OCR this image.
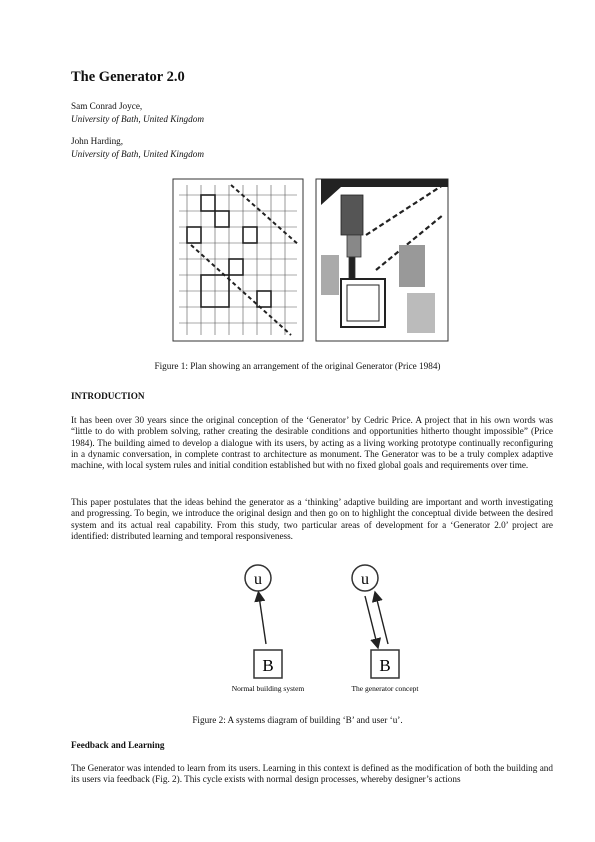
The Generator 2.0
Sam Conrad Joyce,
University of Bath, United Kingdom
John Harding,
University of Bath, United Kingdom
Figure 1: Plan showing an arrangement of the original Generator (Price 1984)
INTRODUCTION
It has been over 30 years since the original conception of the ‘Generator’ by Cedric Price. A project that in his own words was “little to do with problem solving, rather creating the desirable conditions and opportunities hitherto thought impossible” (Price 1984). The building aimed to develop a dialogue with its users, by acting as a living working prototype continually reconfiguring in a dynamic conversation, in complete contrast to architecture as monument. The Generator was to be a truly complex adaptive machine, with local system rules and initial condition established but with no fixed global goals and requirements over time.
This paper postulates that the ideas behind the generator as a ‘thinking’ adaptive building are important and worth investigating and progressing. To begin, we introduce the original design and then go on to highlight the conceptual divide between the desired system and its actual real capability. From this study, two particular areas of development for a ‘Generator 2.0’ project are identified: distributed learning and temporal responsiveness.
u	u
B	B
Normal building system	The generator concept
Figure 2: A systems diagram of building ‘B’ and user ‘u’.
Feedback and Learning
The Generator was intended to learn from its users. Learning in this context is defined as the modification of both the building and its users via feedback (Fig. 2). This cycle exists with normal design processes, whereby designer’s actions
